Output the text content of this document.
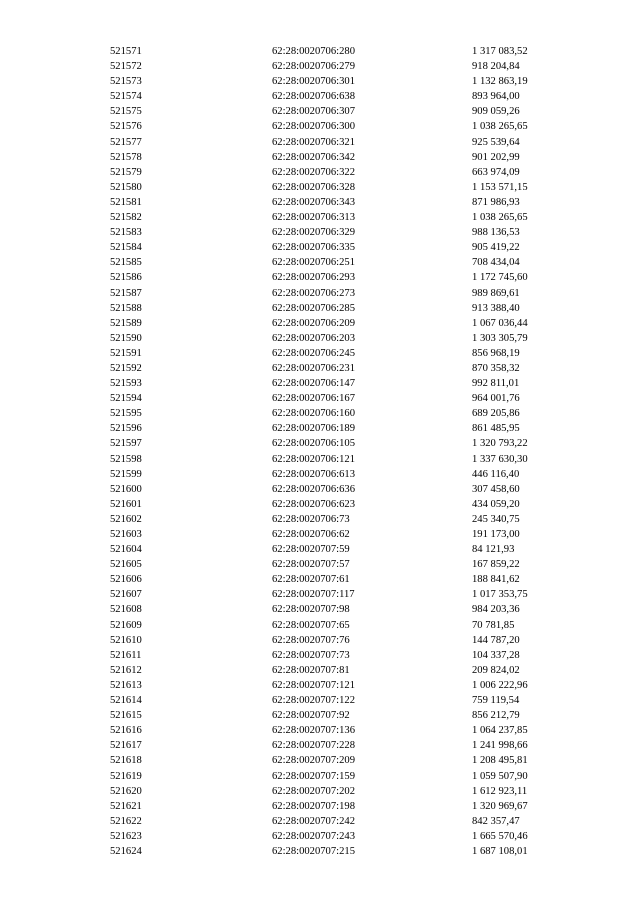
521571	62:28:0020706:280	1 317 083,52
521572	62:28:0020706:279	918 204,84
521573	62:28:0020706:301	1 132 863,19
521574	62:28:0020706:638	893 964,00
521575	62:28:0020706:307	909 059,26
521576	62:28:0020706:300	1 038 265,65
521577	62:28:0020706:321	925 539,64
521578	62:28:0020706:342	901 202,99
521579	62:28:0020706:322	663 974,09
521580	62:28:0020706:328	1 153 571,15
521581	62:28:0020706:343	871 986,93
521582	62:28:0020706:313	1 038 265,65
521583	62:28:0020706:329	988 136,53
521584	62:28:0020706:335	905 419,22
521585	62:28:0020706:251	708 434,04
521586	62:28:0020706:293	1 172 745,60
521587	62:28:0020706:273	989 869,61
521588	62:28:0020706:285	913 388,40
521589	62:28:0020706:209	1 067 036,44
521590	62:28:0020706:203	1 303 305,79
521591	62:28:0020706:245	856 968,19
521592	62:28:0020706:231	870 358,32
521593	62:28:0020706:147	992 811,01
521594	62:28:0020706:167	964 001,76
521595	62:28:0020706:160	689 205,86
521596	62:28:0020706:189	861 485,95
521597	62:28:0020706:105	1 320 793,22
521598	62:28:0020706:121	1 337 630,30
521599	62:28:0020706:613	446 116,40
521600	62:28:0020706:636	307 458,60
521601	62:28:0020706:623	434 059,20
521602	62:28:0020706:73	245 340,75
521603	62:28:0020706:62	191 173,00
521604	62:28:0020707:59	84 121,93
521605	62:28:0020707:57	167 859,22
521606	62:28:0020707:61	188 841,62
521607	62:28:0020707:117	1 017 353,75
521608	62:28:0020707:98	984 203,36
521609	62:28:0020707:65	70 781,85
521610	62:28:0020707:76	144 787,20
521611	62:28:0020707:73	104 337,28
521612	62:28:0020707:81	209 824,02
521613	62:28:0020707:121	1 006 222,96
521614	62:28:0020707:122	759 119,54
521615	62:28:0020707:92	856 212,79
521616	62:28:0020707:136	1 064 237,85
521617	62:28:0020707:228	1 241 998,66
521618	62:28:0020707:209	1 208 495,81
521619	62:28:0020707:159	1 059 507,90
521620	62:28:0020707:202	1 612 923,11
521621	62:28:0020707:198	1 320 969,67
521622	62:28:0020707:242	842 357,47
521623	62:28:0020707:243	1 665 570,46
521624	62:28:0020707:215	1 687 108,01
